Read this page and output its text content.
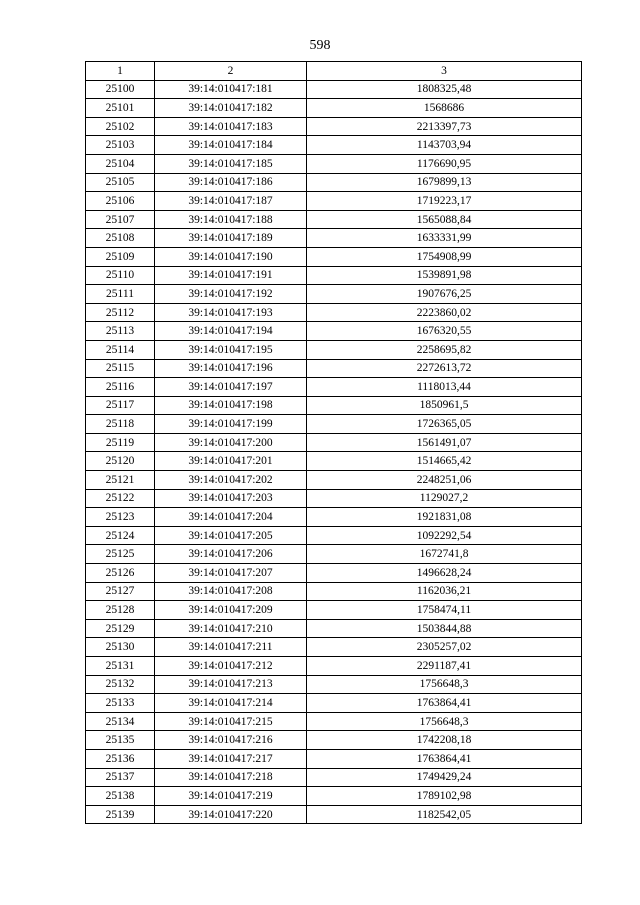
598
1	2	3
25100	39:14:010417:181	1808325,48
25101	39:14:010417:182	1568686
25102	39:14:010417:183	2213397,73
25103	39:14:010417:184	1143703,94
25104	39:14:010417:185	1176690,95
25105	39:14:010417:186	1679899,13
25106	39:14:010417:187	1719223,17
25107	39:14:010417:188	1565088,84
25108	39:14:010417:189	1633331,99
25109	39:14:010417:190	1754908,99
25110	39:14:010417:191	1539891,98
25111	39:14:010417:192	1907676,25
25112	39:14:010417:193	2223860,02
25113	39:14:010417:194	1676320,55
25114	39:14:010417:195	2258695,82
25115	39:14:010417:196	2272613,72
25116	39:14:010417:197	1118013,44
25117	39:14:010417:198	1850961,5
25118	39:14:010417:199	1726365,05
25119	39:14:010417:200	1561491,07
25120	39:14:010417:201	1514665,42
25121	39:14:010417:202	2248251,06
25122	39:14:010417:203	1129027,2
25123	39:14:010417:204	1921831,08
25124	39:14:010417:205	1092292,54
25125	39:14:010417:206	1672741,8
25126	39:14:010417:207	1496628,24
25127	39:14:010417:208	1162036,21
25128	39:14:010417:209	1758474,11
25129	39:14:010417:210	1503844,88
25130	39:14:010417:211	2305257,02
25131	39:14:010417:212	2291187,41
25132	39:14:010417:213	1756648,3
25133	39:14:010417:214	1763864,41
25134	39:14:010417:215	1756648,3
25135	39:14:010417:216	1742208,18
25136	39:14:010417:217	1763864,41
25137	39:14:010417:218	1749429,24
25138	39:14:010417:219	1789102,98
25139	39:14:010417:220	1182542,05
